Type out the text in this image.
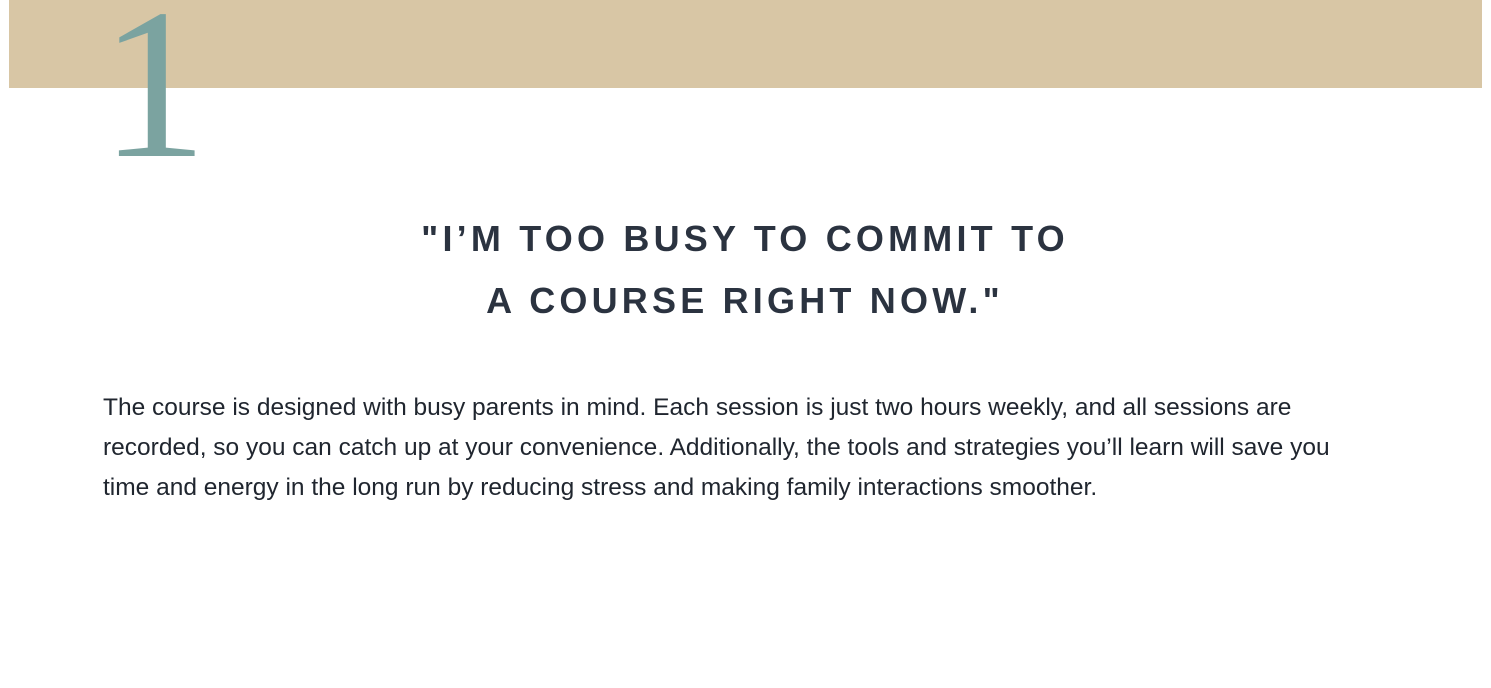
1
"I’M TOO BUSY TO COMMIT TO
A COURSE RIGHT NOW."

The course is designed with busy parents in mind. Each session is just two hours weekly, and all sessions are recorded, so you can catch up at your convenience. Additionally, the tools and strategies you’ll learn will save you time and energy in the long run by reducing stress and making family interactions smoother.
